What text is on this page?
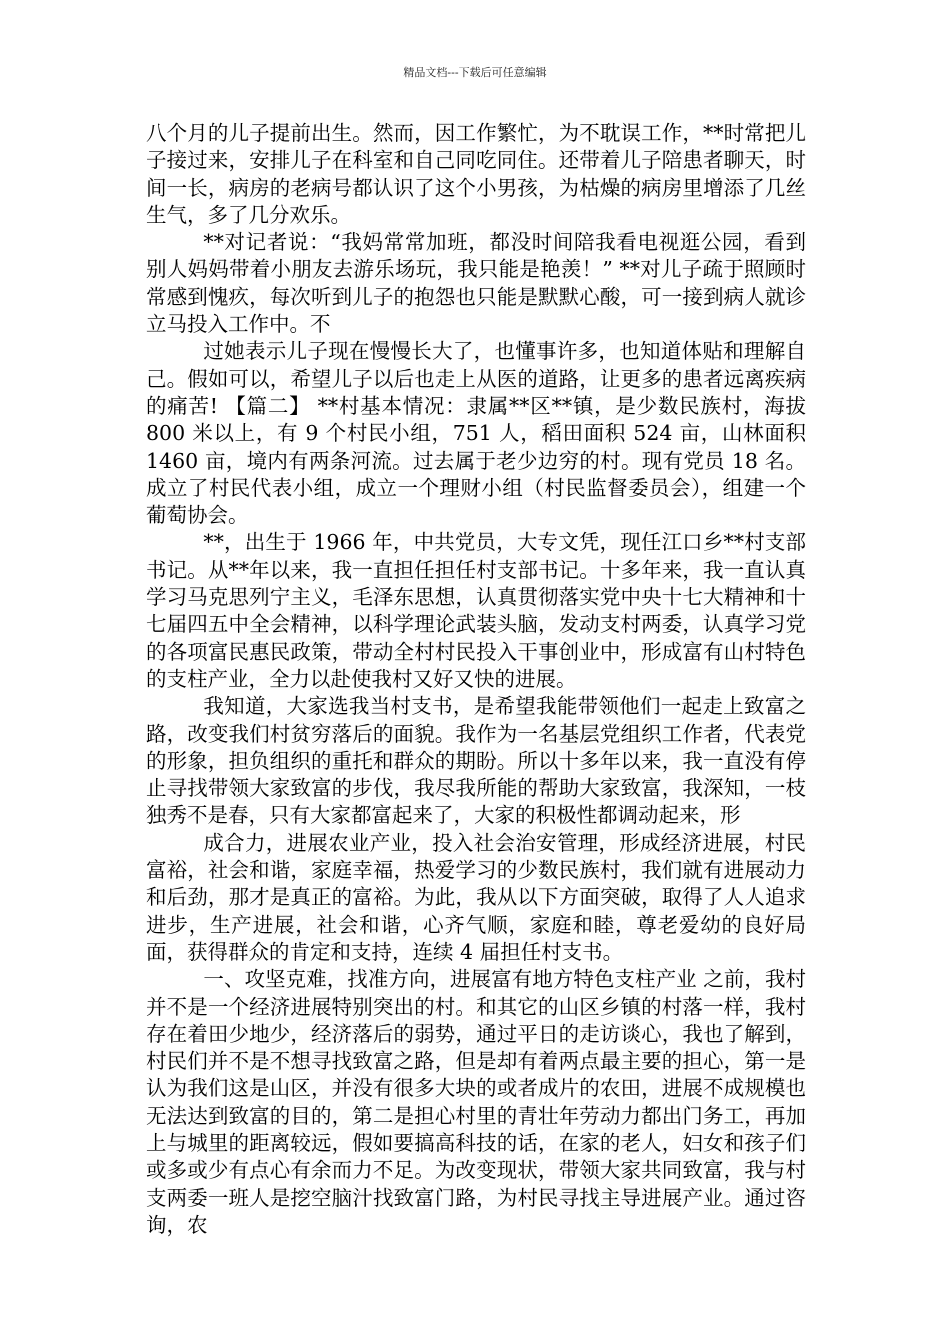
精品文档---下载后可任意编辑

八个月的儿子提前出生。然而，因工作繁忙，为不耽误工作，**时常把儿子接过来，安排儿子在科室和自己同吃同住。还带着儿子陪患者聊天，时间一长，病房的老病号都认识了这个小男孩，为枯燥的病房里增添了几丝生气，多了几分欢乐。

**对记者说：“我妈常常加班，都没时间陪我看电视逛公园，看到别人妈妈带着小朋友去游乐场玩，我只能是艳羡！” **对儿子疏于照顾时常感到愧疚，每次听到儿子的抱怨也只能是默默心酸，可一接到病人就诊立马投入工作中。不

过她表示儿子现在慢慢长大了，也懂事许多，也知道体贴和理解自己。假如可以，希望儿子以后也走上从医的道路，让更多的患者远离疾病的痛苦! 【篇二】 **村基本情况：隶属**区**镇，是少数民族村，海拔 800 米以上，有 9 个村民小组，751 人，稻田面积 524 亩，山林面积 1460 亩，境内有两条河流。过去属于老少边穷的村。现有党员 18 名。成立了村民代表小组，成立一个理财小组（村民监督委员会），组建一个葡萄协会。

**，出生于 1966 年，中共党员，大专文凭，现任江口乡**村支部书记。从**年以来，我一直担任担任村支部书记。十多年来，我一直认真学习马克思列宁主义，毛泽东思想，认真贯彻落实党中央十七大精神和十七届四五中全会精神，以科学理论武装头脑，发动支村两委，认真学习党的各项富民惠民政策，带动全村村民投入干事创业中，形成富有山村特色的支柱产业，全力以赴使我村又好又快的进展。

我知道，大家选我当村支书，是希望我能带领他们一起走上致富之路，改变我们村贫穷落后的面貌。我作为一名基层党组织工作者，代表党的形象，担负组织的重托和群众的期盼。所以十多年以来，我一直没有停止寻找带领大家致富的步伐，我尽我所能的帮助大家致富，我深知，一枝独秀不是春，只有大家都富起来了，大家的积极性都调动起来，形

成合力，进展农业产业，投入社会治安管理，形成经济进展，村民富裕，社会和谐，家庭幸福，热爱学习的少数民族村，我们就有进展动力和后劲，那才是真正的富裕。为此，我从以下方面突破，取得了人人追求进步，生产进展，社会和谐，心齐气顺，家庭和睦，尊老爱幼的良好局面，获得群众的肯定和支持，连续 4 届担任村支书。

一、攻坚克难，找准方向，进展富有地方特色支柱产业 之前，我村并不是一个经济进展特别突出的村。和其它的山区乡镇的村落一样，我村存在着田少地少，经济落后的弱势，通过平日的走访谈心，我也了解到，村民们并不是不想寻找致富之路，但是却有着两点最主要的担心，第一是认为我们这是山区，并没有很多大块的或者成片的农田，进展不成规模也无法达到致富的目的，第二是担心村里的青壮年劳动力都出门务工，再加上与城里的距离较远，假如要搞高科技的话，在家的老人，妇女和孩子们或多或少有点心有余而力不足。为改变现状，带领大家共同致富，我与村支两委一班人是挖空脑汁找致富门路，为村民寻找主导进展产业。通过咨询，农
